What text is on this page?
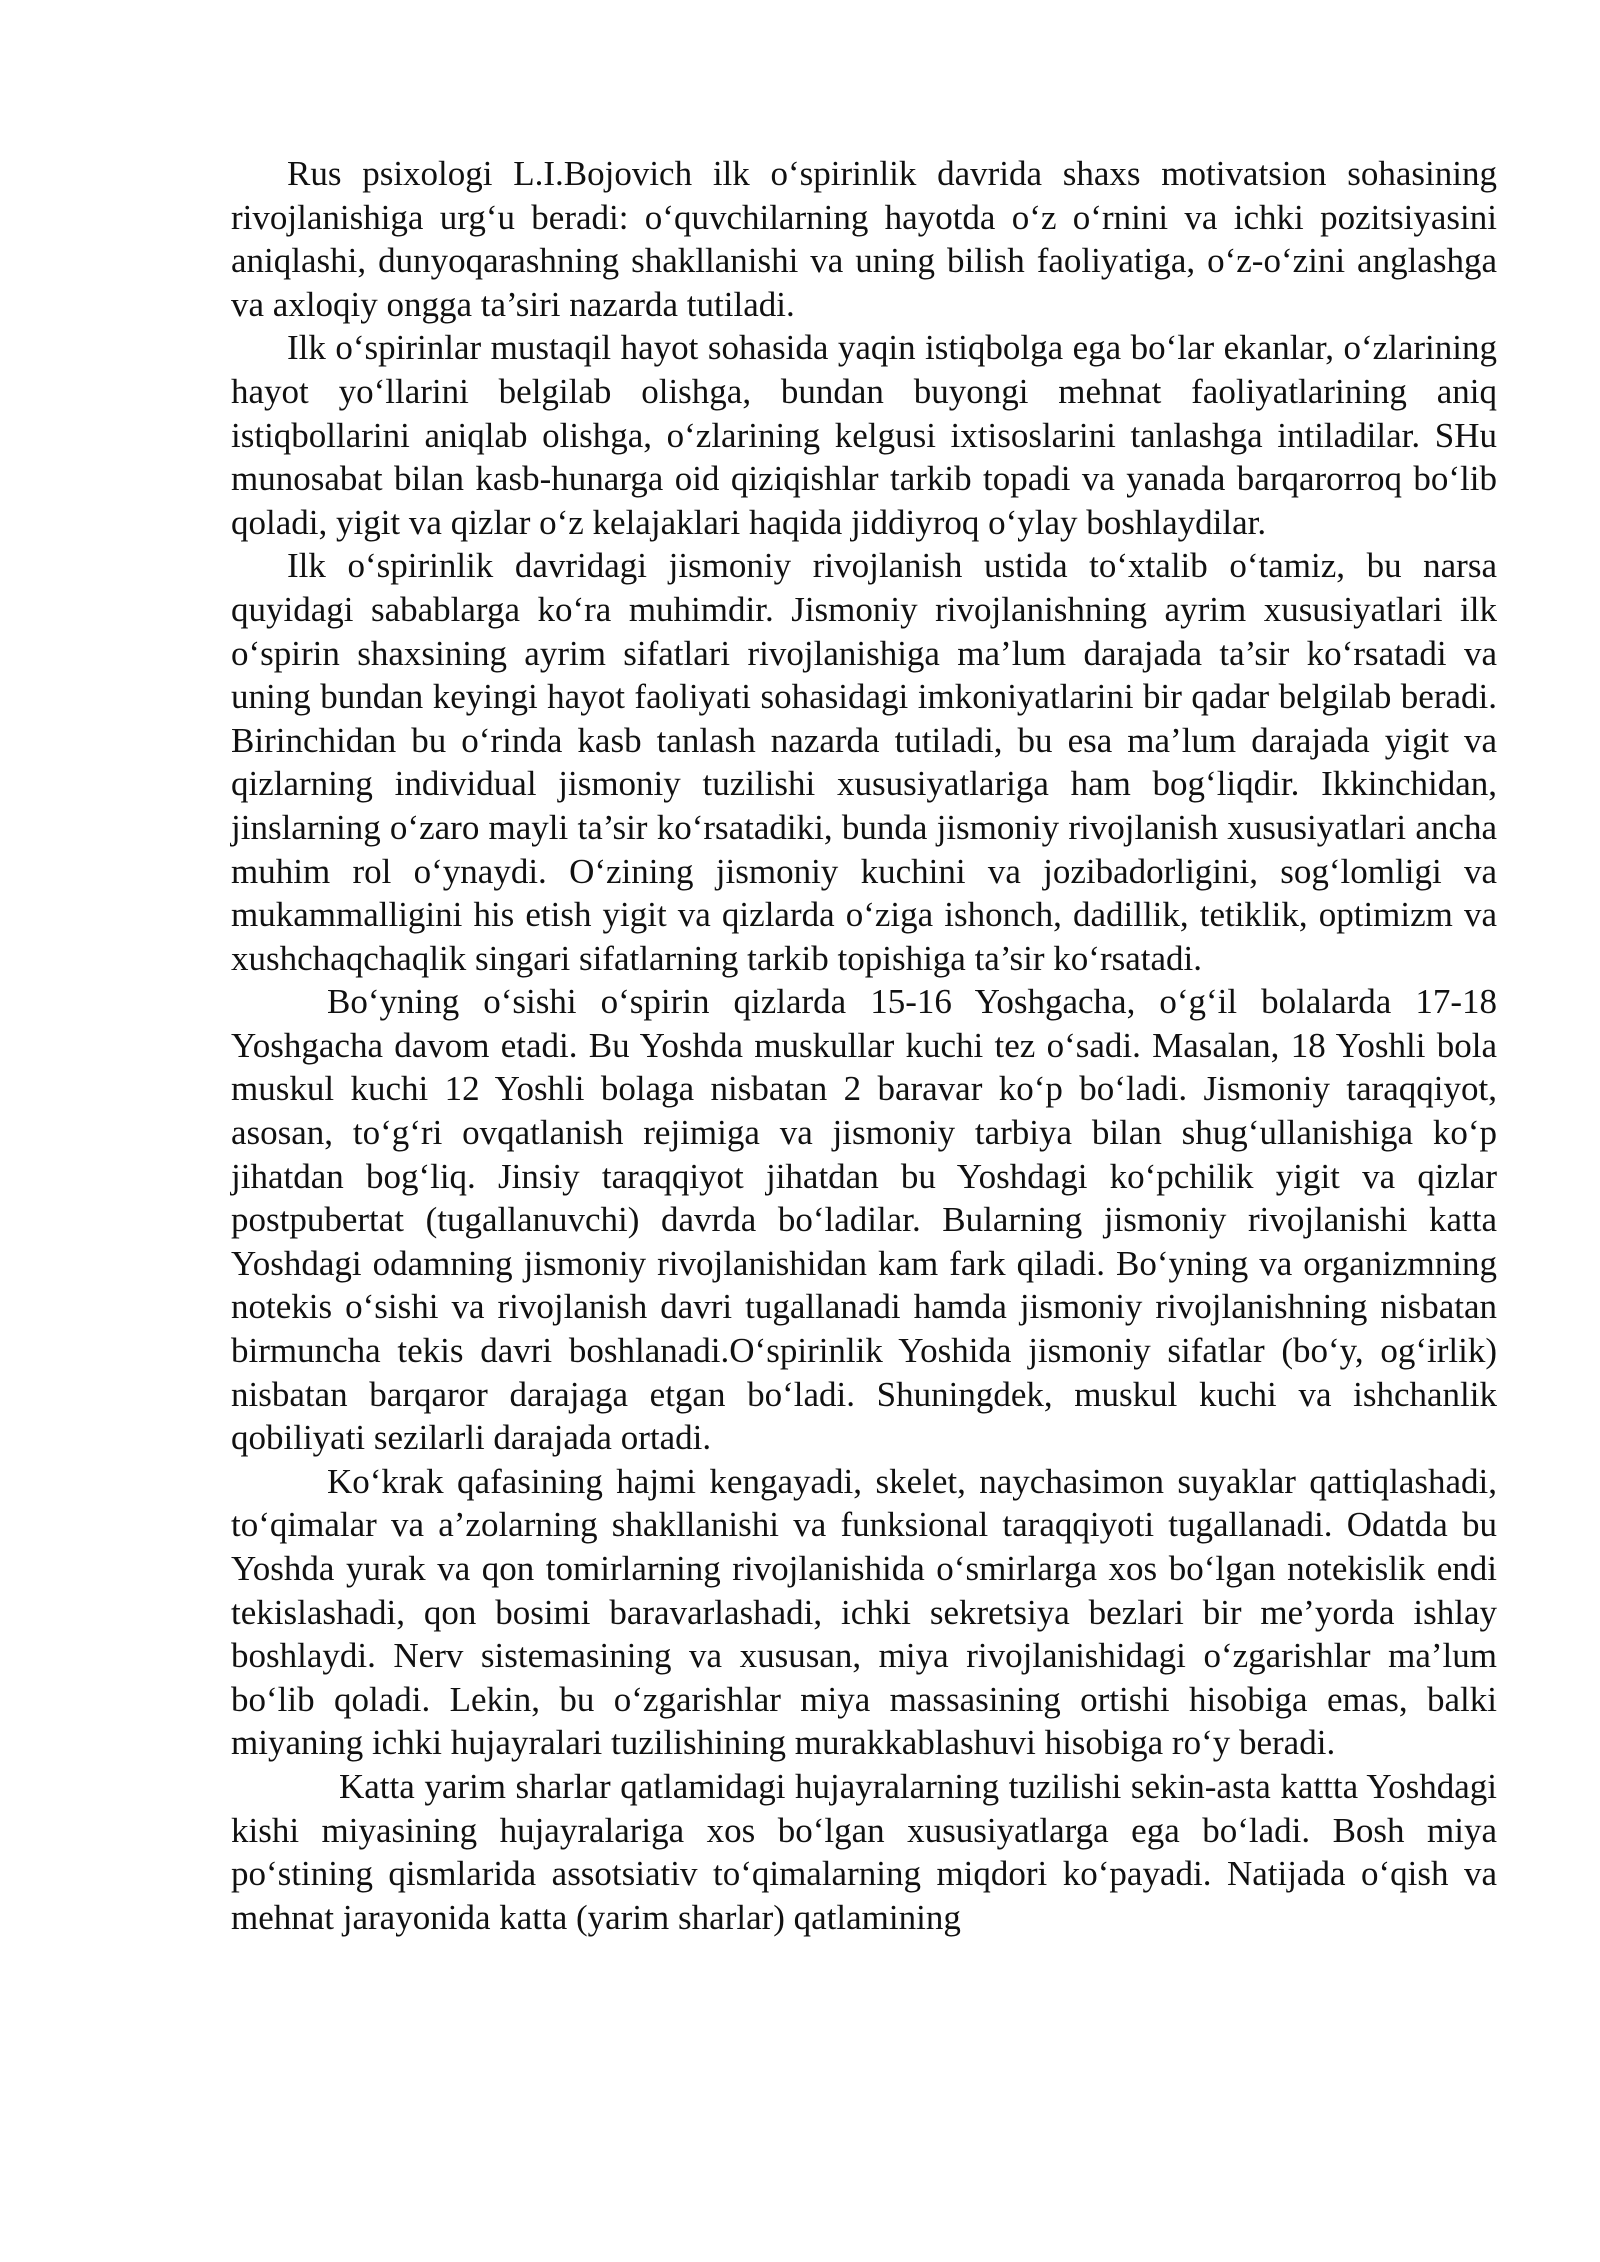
Rus psixologi L.I.Bojovich ilk o‘spirinlik davrida shaxs motivatsion sohasining rivojlanishiga urg‘u beradi: o‘quvchilarning hayotda o‘z o‘rnini va ichki pozitsiyasini aniqlashi, dunyoqarashning shakllanishi va uning bilish faoliyatiga, o‘z-o‘zini anglashga va axloqiy ongga ta’siri nazarda tutiladi.

Ilk o‘spirinlar mustaqil hayot sohasida yaqin istiqbolga ega bo‘lar ekanlar, o‘zlarining hayot yo‘llarini belgilab olishga, bundan buyongi mehnat faoliyatlarining aniq istiqbollarini aniqlab olishga, o‘zlarining kelgusi ixtisoslarini tanlashga intiladilar. SHu munosabat bilan kasb-hunarga oid qiziqishlar tarkib topadi va yanada barqarorroq bo‘lib qoladi, yigit va qizlar o‘z kelajaklari haqida jiddiyroq o‘ylay boshlaydilar.

Ilk o‘spirinlik davridagi jismoniy rivojlanish ustida to‘xtalib o‘tamiz, bu narsa quyidagi sabablarga ko‘ra muhimdir. Jismoniy rivojlanishning ayrim xususiyatlari ilk o‘spirin shaxsining ayrim sifatlari rivojlanishiga ma’lum darajada ta’sir ko‘rsatadi va uning bundan keyingi hayot faoliyati sohasidagi imkoniyatlarini bir qadar belgilab beradi. Birinchidan bu o‘rinda kasb tanlash nazarda tutiladi, bu esa ma’lum darajada yigit va qizlarning individual jismoniy tuzilishi xususiyatlariga ham bog‘liqdir. Ikkinchidan, jinslarning o‘zaro mayli ta’sir ko‘rsatadiki, bunda jismoniy rivojlanish xususiyatlari ancha muhim rol o‘ynaydi. O‘zining jismoniy kuchini va jozibadorligini, sog‘lomligi va mukammalligini his etish yigit va qizlarda o‘ziga ishonch, dadillik, tetiklik, optimizm va xushchaqchaqlik singari sifatlarning tarkib topishiga ta’sir ko‘rsatadi.

Bo‘yning o‘sishi o‘spirin qizlarda 15-16 Yoshgacha, o‘g‘il bolalarda 17-18 Yoshgacha davom etadi. Bu Yoshda muskullar kuchi tez o‘sadi. Masalan, 18 Yoshli bola muskul kuchi 12 Yoshli bolaga nisbatan 2 baravar ko‘p bo‘ladi. Jismoniy taraqqiyot, asosan, to‘g‘ri ovqatlanish rejimiga va jismoniy tarbiya bilan shug‘ullanishiga ko‘p jihatdan bog‘liq. Jinsiy taraqqiyot jihatdan bu Yoshdagi ko‘pchilik yigit va qizlar postpubertat (tugallanuvchi) davrda bo‘ladilar. Bularning jismoniy rivojlanishi katta Yoshdagi odamning jismoniy rivojlanishidan kam fark qiladi. Bo‘yning va organizmning notekis o‘sishi va rivojlanish davri tugallanadi hamda jismoniy rivojlanishning nisbatan birmuncha tekis davri boshlanadi.O‘spirinlik Yoshida jismoniy sifatlar (bo‘y, og‘irlik) nisbatan barqaror darajaga etgan bo‘ladi. Shuningdek, muskul kuchi va ishchanlik qobiliyati sezilarli darajada ortadi.

Ko‘krak qafasining hajmi kengayadi, skelet, naychasimon suyaklar qattiqlashadi, to‘qimalar va a’zolarning shakllanishi va funksional taraqqiyoti tugallanadi. Odatda bu Yoshda yurak va qon tomirlarning rivojlanishida o‘smirlarga xos bo‘lgan notekislik endi tekislashadi, qon bosimi baravarlashadi, ichki sekretsiya bezlari bir me’yorda ishlay boshlaydi. Nerv sistemasining va xususan, miya rivojlanishidagi o‘zgarishlar ma’lum bo‘lib qoladi. Lekin, bu o‘zgarishlar miya massasining ortishi hisobiga emas, balki miyaning ichki hujayralari tuzilishining murakkablashuvi hisobiga ro‘y beradi.

Katta yarim sharlar qatlamidagi hujayralarning tuzilishi sekin-asta kattta Yoshdagi kishi miyasining hujayralariga xos bo‘lgan xususiyatlarga ega bo‘ladi. Bosh miya po‘stining qismlarida assotsiativ to‘qimalarning miqdori ko‘payadi. Natijada o‘qish va mehnat jarayonida katta (yarim sharlar) qatlamining
